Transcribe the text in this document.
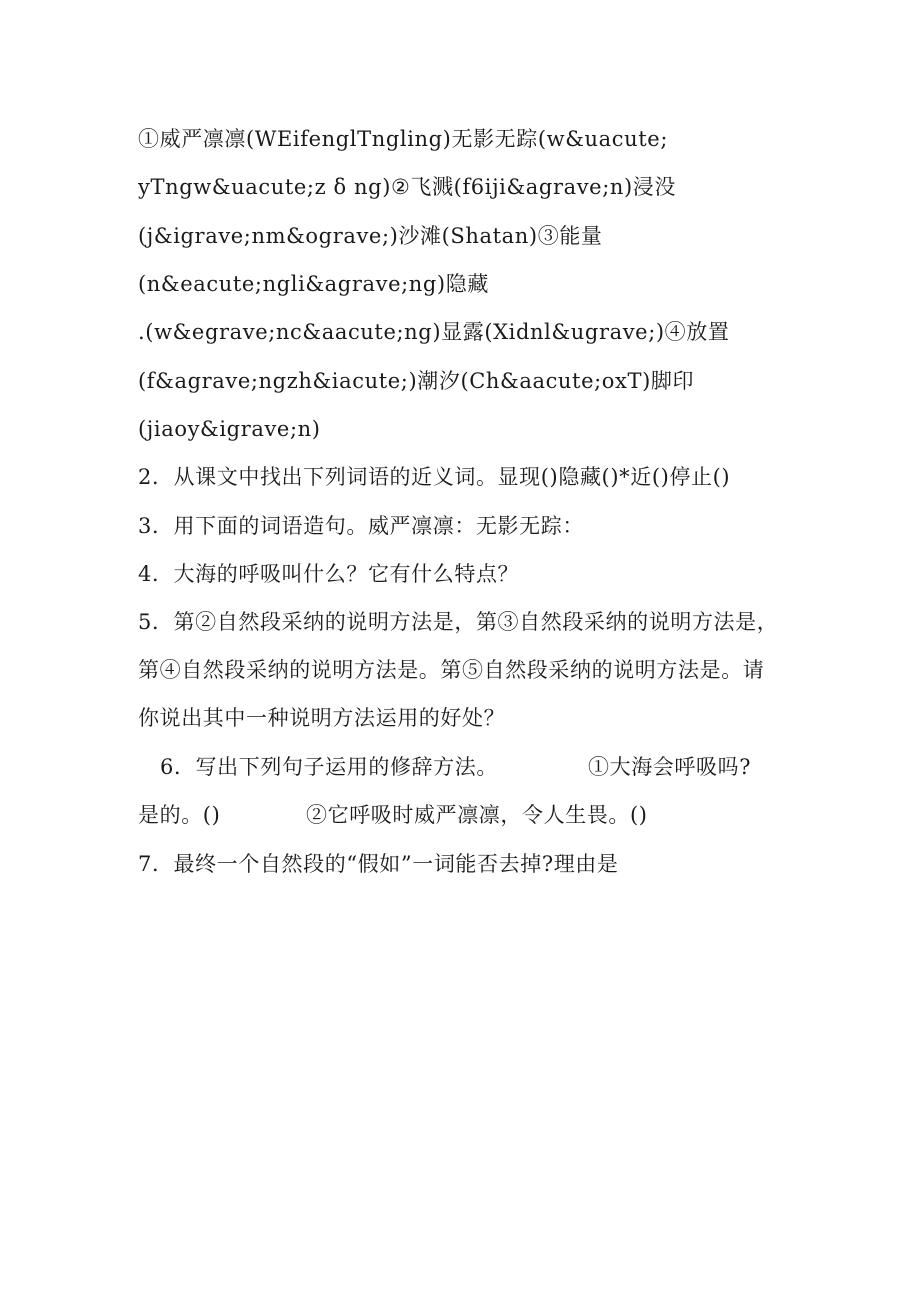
①威严凛凛(WEifenglTngling)无影无踪(w&uacute;
yTngw&uacute;z δ ng)②飞溅(f6iji&agrave;n)浸没
(j&igrave;nm&ograve;)沙滩(Shatan)③能量
(n&eacute;ngli&agrave;ng)隐藏
.(w&egrave;nc&aacute;ng)显露(Xidnl&ugrave;)④放置
(f&agrave;ngzh&iacute;)潮汐(Ch&aacute;oxT)脚印
(jiaoy&igrave;n)
2．从课文中找出下列词语的近义词。显现()隐藏()*近()停止()
3．用下面的词语造句。威严凛凛：无影无踪：
4．大海的呼吸叫什么？它有什么特点？
5．第②自然段采纳的说明方法是，第③自然段采纳的说明方法是，
第④自然段采纳的说明方法是。第⑤自然段采纳的说明方法是。请
你说出其中一种说明方法运用的好处？
6．写出下列句子运用的修辞方法。	①大海会呼吸吗?
是的。()	②它呼吸时威严凛凛，令人生畏。()
7．最终一个自然段的“假如”一词能否去掉?理由是
